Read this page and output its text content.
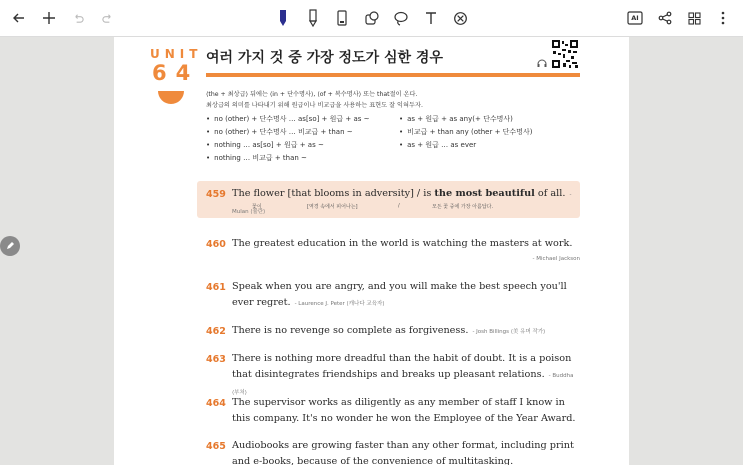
AI
UNIT
64
여러 가지 것 중 가장 정도가 심한 경우
⟨the + 최상급⟩ 뒤에는 ⟨in + 단수명사⟩, ⟨of + 복수명사⟩ 또는 that절이 온다.
최상급의 의미를 나타내기 위해 원급이나 비교급을 사용하는 표현도 잘 익혀두자.
• no (other) + 단수명사 … as[so] + 원급 + as ~
• no (other) + 단수명사 … 비교급 + than ~
• nothing … as[so] + 원급 + as ~
• nothing … 비교급 + than ~
• as + 원급 + as any(+ 단수명사)
• 비교급 + than any (other + 단수명사)
• as + 원급 … as ever
459 The flower [that blooms in adversity] / is the most beautiful of all. - Mulan ⟨뮬란⟩
꽃이	[역경 속에서 피어나는]	/	모든 꽃 중에 가장 아름답다.
460 The greatest education in the world is watching the masters at work.
- Michael Jackson
461 Speak when you are angry, and you will make the best speech you'll ever regret. - Laurence J. Peter ⟨캐나다 교육자⟩
462 There is no revenge so complete as forgiveness. - Josh Billings ⟨美 유머 작가⟩
463 There is nothing more dreadful than the habit of doubt. It is a poison that disintegrates friendships and breaks up pleasant relations. - Buddha ⟨부처⟩
464 The supervisor works as diligently as any member of staff I know in this company. It's no wonder he won the Employee of the Year Award.
465 Audiobooks are growing faster than any other format, including print and e-books, because of the convenience of multitasking.
